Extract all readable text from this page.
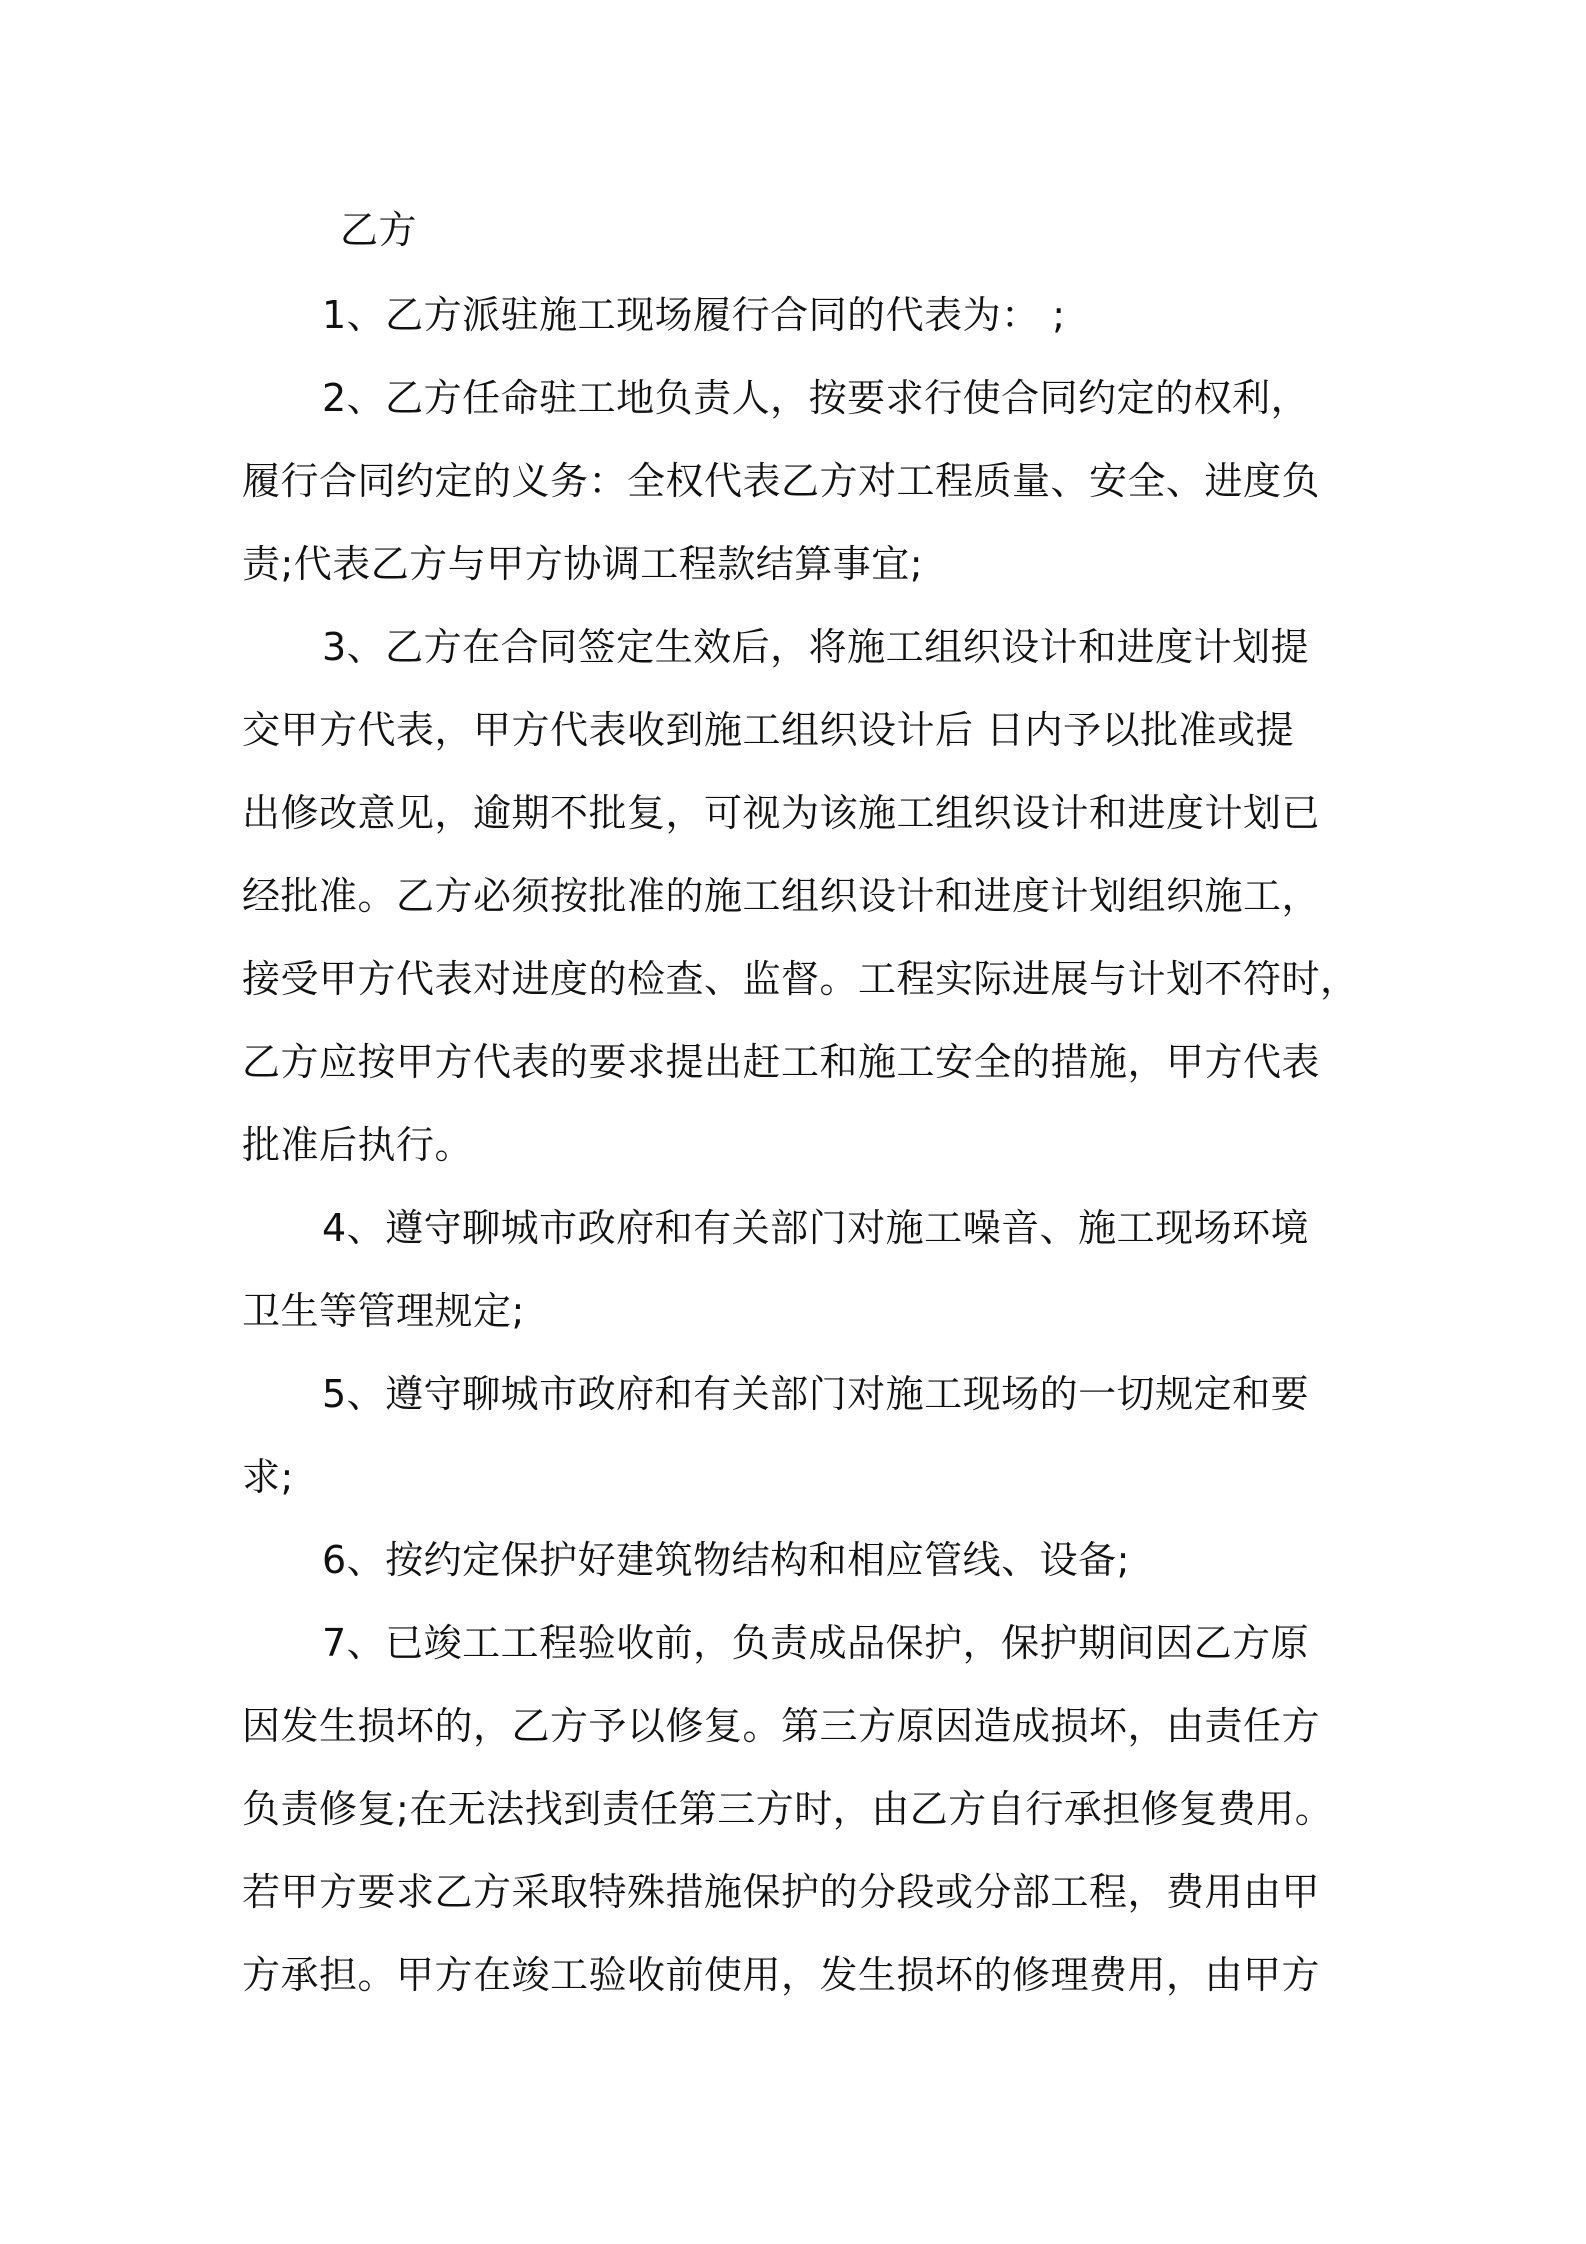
乙方
1、乙方派驻施工现场履行合同的代表为： ;
2、乙方任命驻工地负责人，按要求行使合同约定的权利，
履行合同约定的义务：全权代表乙方对工程质量、安全、进度负
责;代表乙方与甲方协调工程款结算事宜;
3、乙方在合同签定生效后，将施工组织设计和进度计划提
交甲方代表，甲方代表收到施工组织设计后 日内予以批准或提
出修改意见，逾期不批复，可视为该施工组织设计和进度计划已
经批准。乙方必须按批准的施工组织设计和进度计划组织施工，
接受甲方代表对进度的检查、监督。工程实际进展与计划不符时，
乙方应按甲方代表的要求提出赶工和施工安全的措施，甲方代表
批准后执行。
4、遵守聊城市政府和有关部门对施工噪音、施工现场环境
卫生等管理规定;
5、遵守聊城市政府和有关部门对施工现场的一切规定和要
求;
6、按约定保护好建筑物结构和相应管线、设备;
7、已竣工工程验收前，负责成品保护，保护期间因乙方原
因发生损坏的，乙方予以修复。第三方原因造成损坏，由责任方
负责修复;在无法找到责任第三方时，由乙方自行承担修复费用。
若甲方要求乙方采取特殊措施保护的分段或分部工程，费用由甲
方承担。甲方在竣工验收前使用，发生损坏的修理费用，由甲方
